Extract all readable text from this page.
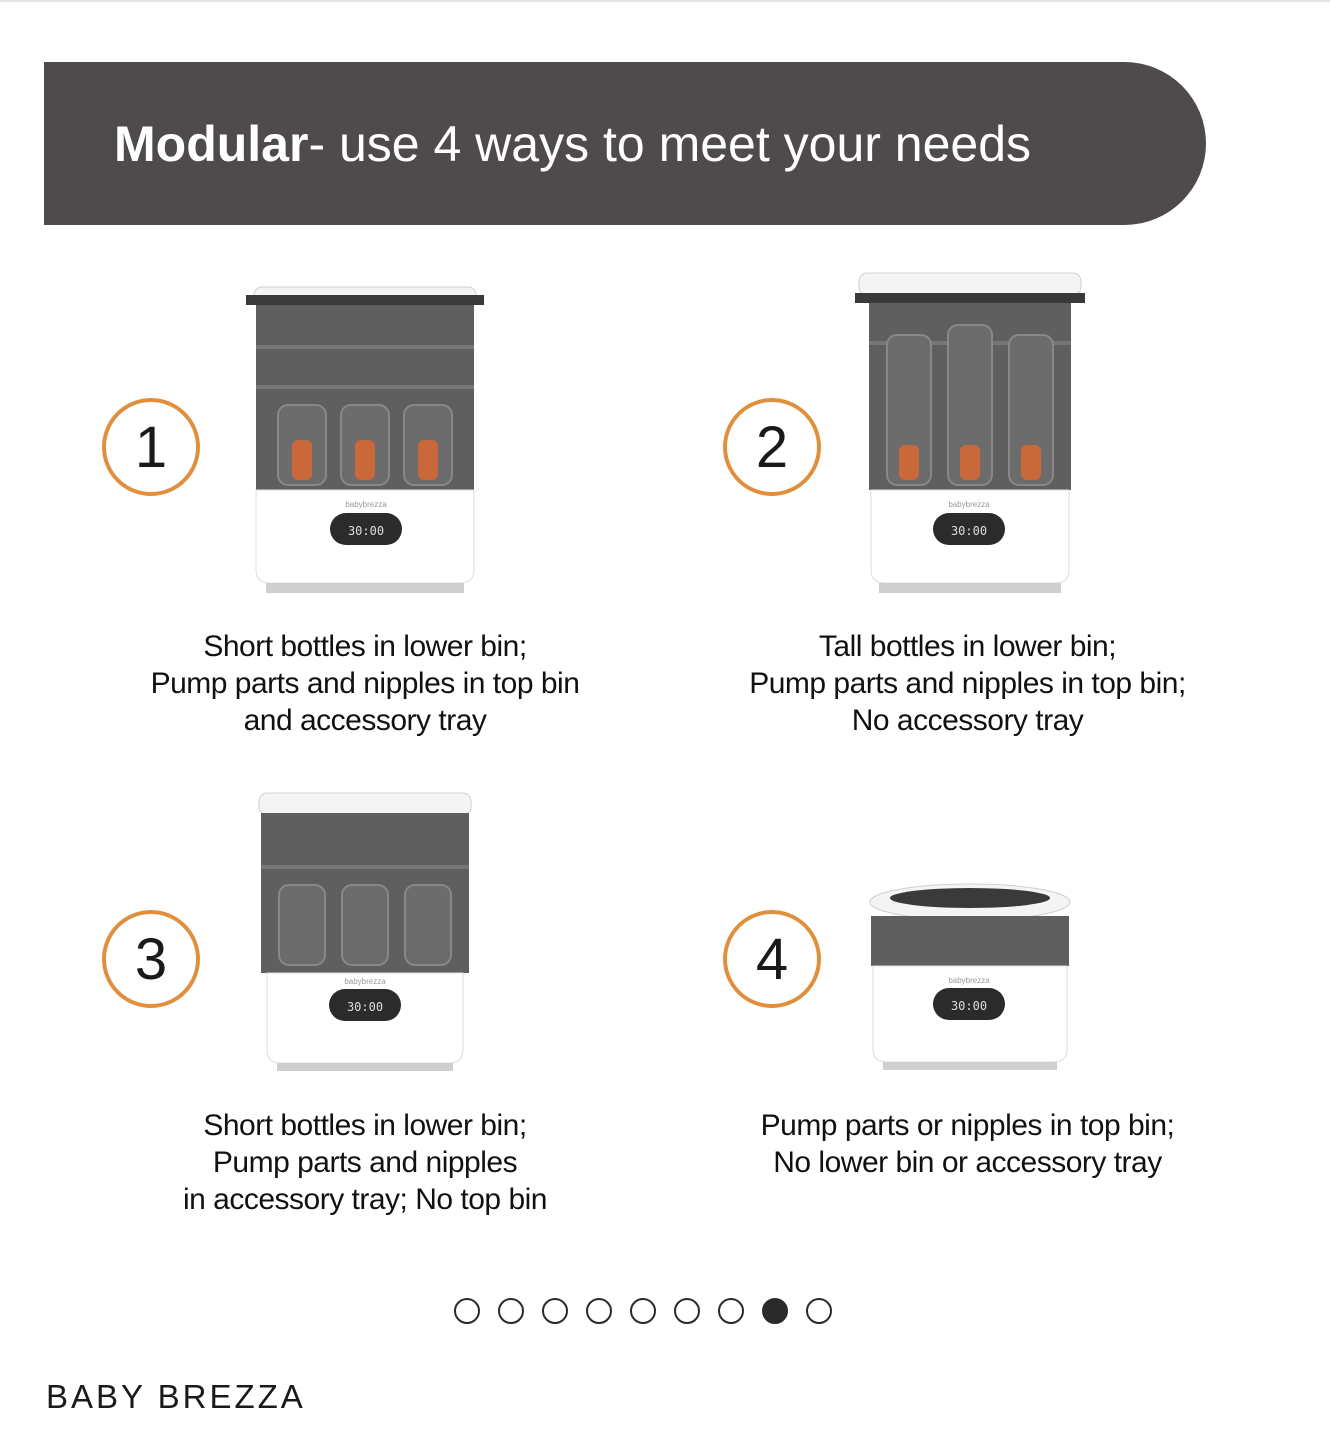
Modular- use 4 ways to meet your needs
1
30:00
babybrezza
Short bottles in lower bin;
Pump parts and nipples in top bin
and accessory tray
2
30:00
babybrezza
Tall bottles in lower bin;
Pump parts and nipples in top bin;
No accessory tray
3
30:00
babybrezza
Short bottles in lower bin;
Pump parts and nipples
in accessory tray; No top bin
4
30:00
babybrezza
Pump parts or nipples in top bin;
No lower bin or accessory tray
BABY BREZZA
